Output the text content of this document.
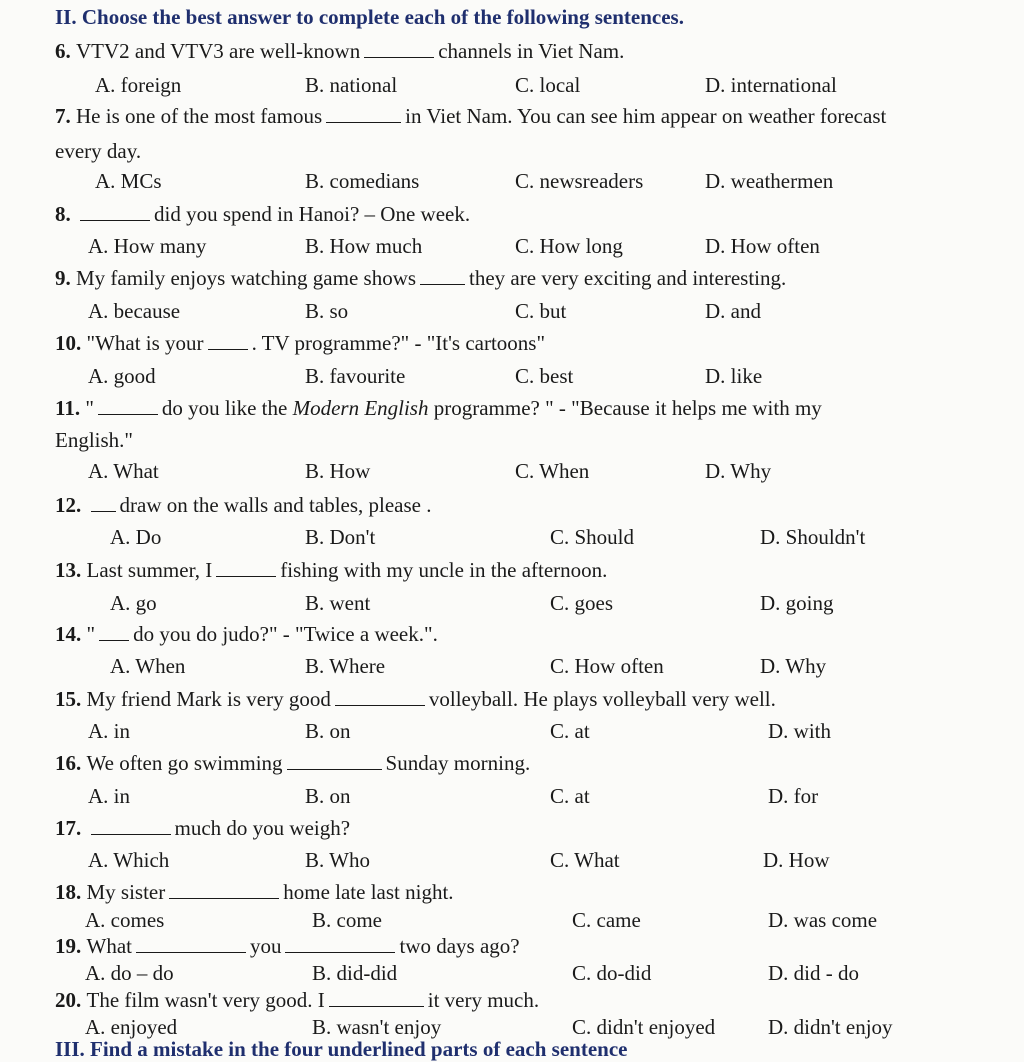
II. Choose the best answer to complete each of the following sentences.
6. VTV2 and VTV3 are well-known	channels in Viet Nam.
A. foreign	B. national	C. local	D. international
7. He is one of the most famous	in Viet Nam. You can see him appear on weather forecast
every day.
A. MCs	B. comedians	C. newsreaders	D. weathermen
8.	did you spend in Hanoi? – One week.
A. How many	B. How much	C. How long	D. How often
9. My family enjoys watching game shows	they are very exciting and interesting.
A. because	B. so	C. but	D. and
10. "What is your . TV programme?" - "It's cartoons"
A. good	B. favourite	C. best	D. like
11. "	do you like the Modern English programme? " - "Because it helps me with my
English."
A. What	B. How	C. When	D. Why
12. draw on the walls and tables, please .
A. Do	B. Don't	C. Should	D. Shouldn't
13. Last summer, I	fishing with my uncle in the afternoon.
A. go	B. went	C. goes	D. going
14. " do you do judo?" - "Twice a week.".
A. When	B. Where	C. How often	D. Why
15. My friend Mark is very good	volleyball. He plays volleyball very well.
A. in	B. on	C. at	D. with
16. We often go swimming	Sunday morning.
A. in	B. on	C. at	D. for
17.	much do you weigh?
A. Which	B. Who	C. What	D. How
18. My sister	home late last night.
A. comes	B. come	C. came	D. was come
19. What	you	two days ago?
A. do – do	B. did-did	C. do-did	D. did - do
20. The film wasn't very good. I	it very much.
A. enjoyed	B. wasn't enjoy	C. didn't enjoyed	D. didn't enjoy
III. Find a mistake in the four underlined parts of each sentence
